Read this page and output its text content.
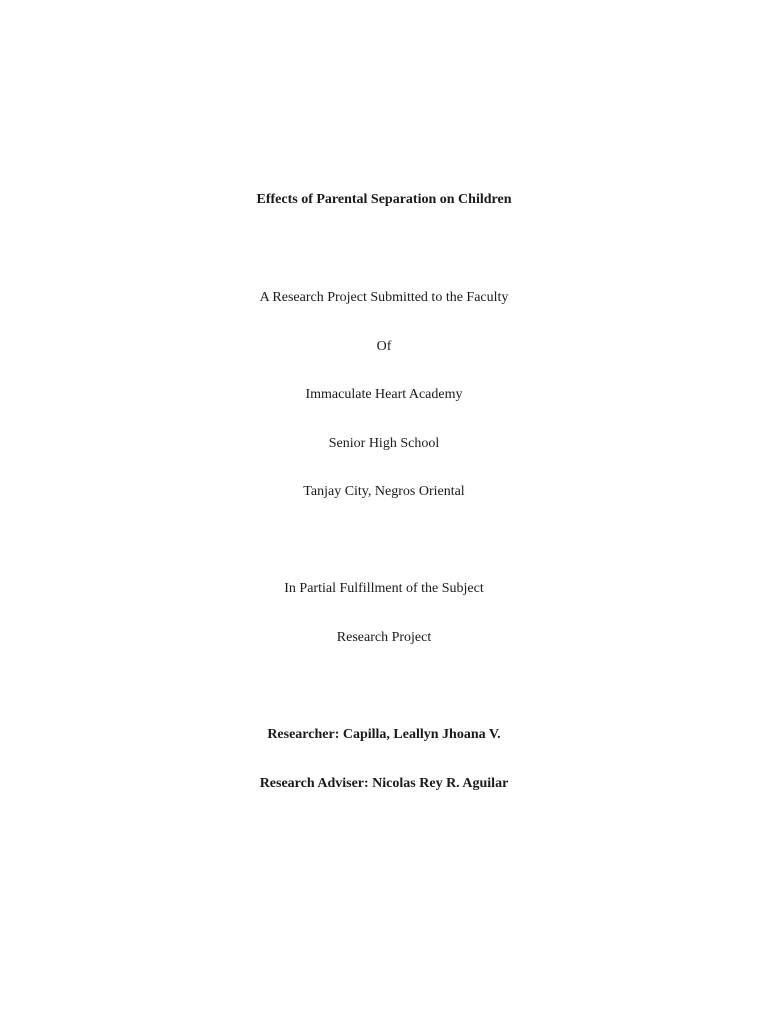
Effects of Parental Separation on Children
A Research Project Submitted to the Faculty
Of
Immaculate Heart Academy
Senior High School
Tanjay City, Negros Oriental
In Partial Fulfillment of the Subject
Research Project
Researcher: Capilla, Leallyn Jhoana V.
Research Adviser: Nicolas Rey R. Aguilar
